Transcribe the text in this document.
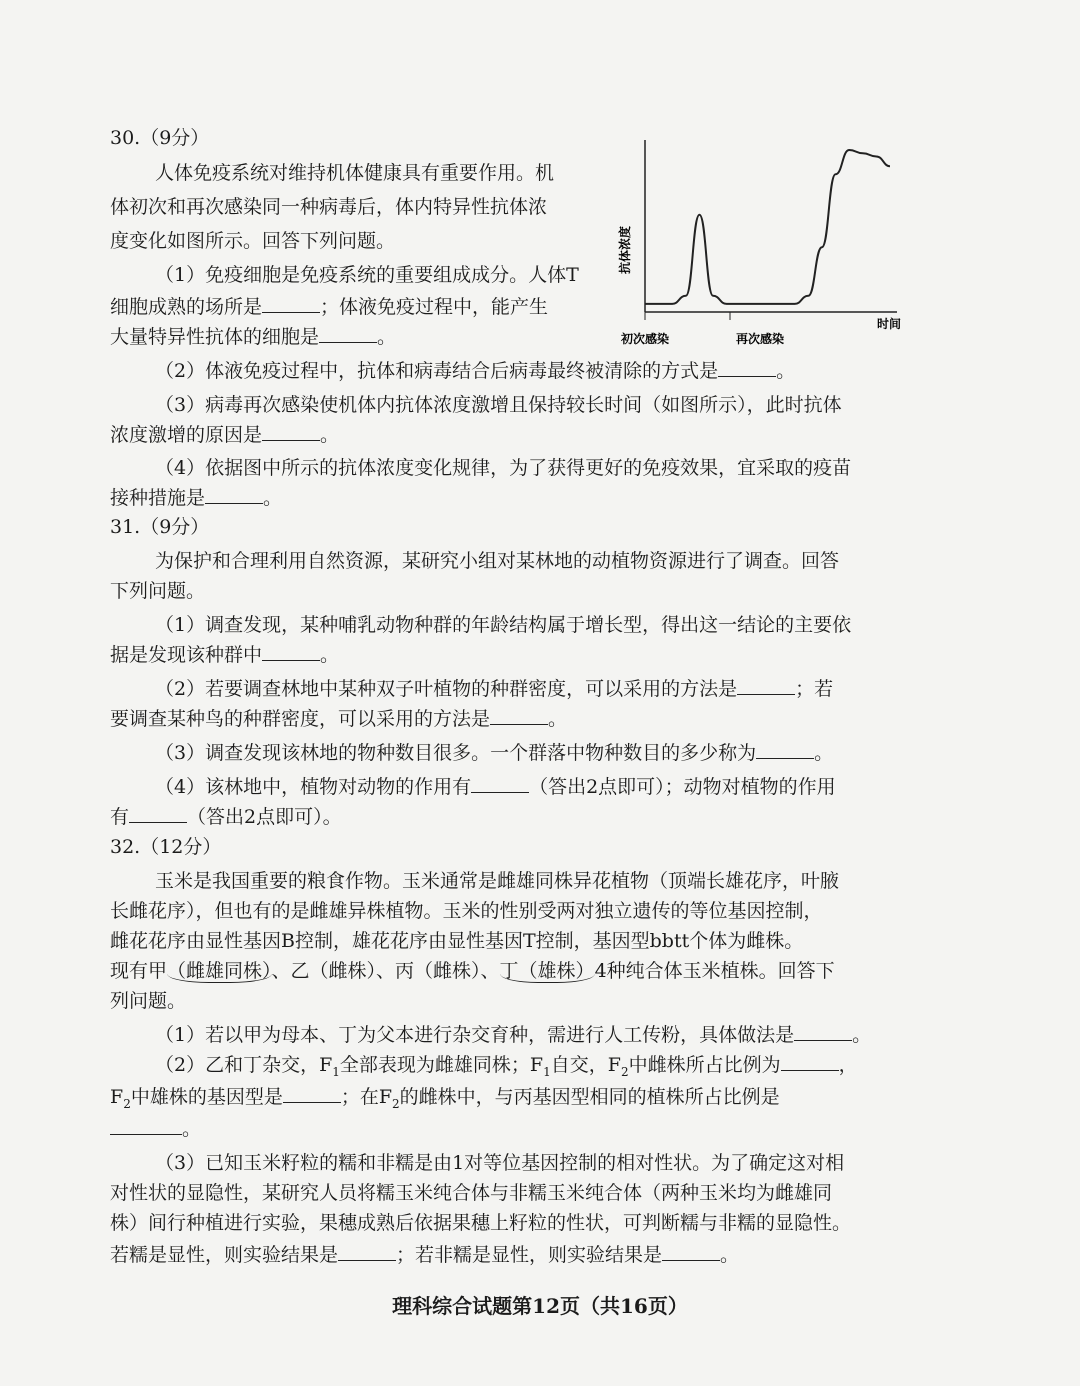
30.（9分）
人体免疫系统对维持机体健康具有重要作用。机
体初次和再次感染同一种病毒后，体内特异性抗体浓
度变化如图所示。回答下列问题。
（1）免疫细胞是免疫系统的重要组成成分。人体T
细胞成熟的场所是	；体液免疫过程中，能产生
大量特异性抗体的细胞是	。
（2）体液免疫过程中，抗体和病毒结合后病毒最终被清除的方式是	。
（3）病毒再次感染使机体内抗体浓度激增且保持较长时间（如图所示），此时抗体
浓度激增的原因是	。
（4）依据图中所示的抗体浓度变化规律，为了获得更好的免疫效果，宜采取的疫苗
接种措施是	。
抗体浓度
时间
初次感染	再次感染
31.（9分）
为保护和合理利用自然资源，某研究小组对某林地的动植物资源进行了调查。回答
下列问题。
（1）调查发现，某种哺乳动物种群的年龄结构属于增长型，得出这一结论的主要依
据是发现该种群中	。
（2）若要调查林地中某种双子叶植物的种群密度，可以采用的方法是	；若
要调查某种鸟的种群密度，可以采用的方法是	。
（3）调查发现该林地的物种数目很多。一个群落中物种数目的多少称为	。
（4）该林地中，植物对动物的作用有	（答出2点即可）；动物对植物的作用
有	（答出2点即可）。
32.（12分）
玉米是我国重要的粮食作物。玉米通常是雌雄同株异花植物（顶端长雄花序，叶腋
长雌花序），但也有的是雌雄异株植物。玉米的性别受两对独立遗传的等位基因控制，
雌花花序由显性基因B控制，雄花花序由显性基因T控制，基因型bbtt个体为雌株。
现有甲（雌雄同株）、乙（雌株）、丙（雌株）、丁（雄株）4种纯合体玉米植株。回答下
列问题。
（1）若以甲为母本、丁为父本进行杂交育种，需进行人工传粉，具体做法是	。
（2）乙和丁杂交，$F_1$全部表现为雌雄同株；$F_1$自交，$F_2$中雌株所占比例为	，
$F_2$中雄株的基因型是	；在$F_2$的雌株中，与丙基因型相同的植株所占比例是
。
（3）已知玉米籽粒的糯和非糯是由1对等位基因控制的相对性状。为了确定这对相
对性状的显隐性，某研究人员将糯玉米纯合体与非糯玉米纯合体（两种玉米均为雌雄同
株）间行种植进行实验，果穗成熟后依据果穗上籽粒的性状，可判断糯与非糯的显隐性。
若糯是显性，则实验结果是	；若非糯是显性，则实验结果是	。
理科综合试题第12页（共16页）
